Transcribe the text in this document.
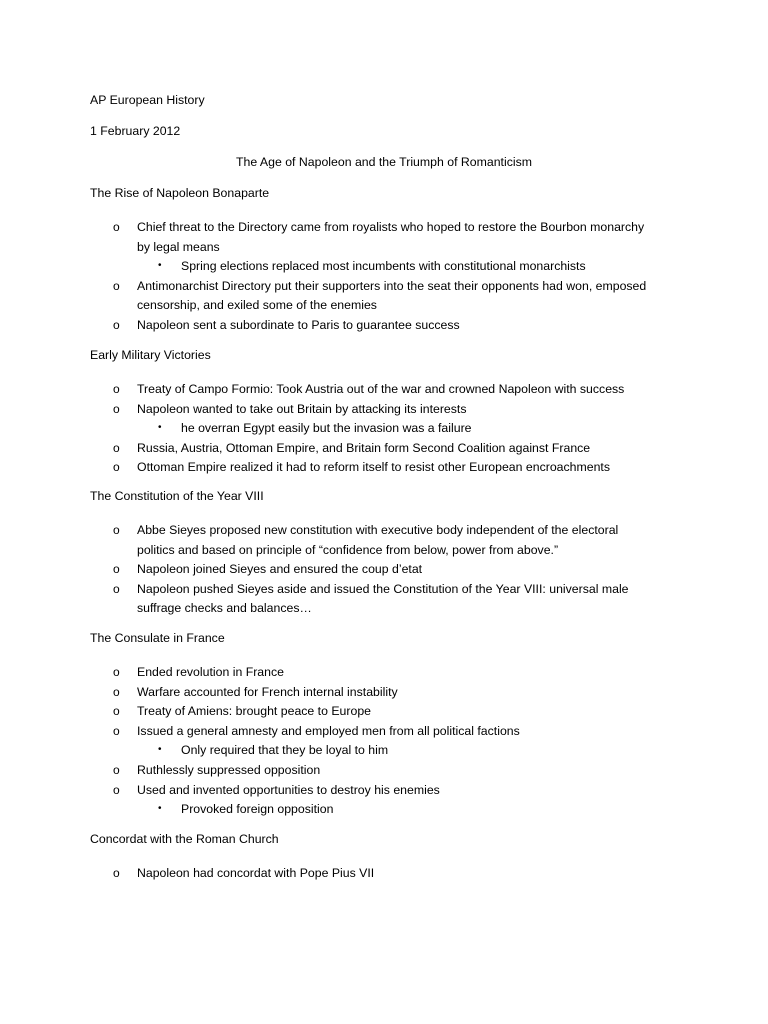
AP European History
1 February 2012
The Age of Napoleon and the Triumph of Romanticism
The Rise of Napoleon Bonaparte
o Chief threat to the Directory came from royalists who hoped to restore the Bourbon monarchy
by legal means
• Spring elections replaced most incumbents with constitutional monarchists
o Antimonarchist Directory put their supporters into the seat their opponents had won, emposed
censorship, and exiled some of the enemies
o Napoleon sent a subordinate to Paris to guarantee success
Early Military Victories
o Treaty of Campo Formio: Took Austria out of the war and crowned Napoleon with success
o Napoleon wanted to take out Britain by attacking its interests
• he overran Egypt easily but the invasion was a failure
o Russia, Austria, Ottoman Empire, and Britain form Second Coalition against France
o Ottoman Empire realized it had to reform itself to resist other European encroachments
The Constitution of the Year VIII
o Abbe Sieyes proposed new constitution with executive body independent of the electoral
politics and based on principle of “confidence from below, power from above.”
o Napoleon joined Sieyes and ensured the coup d’etat
o Napoleon pushed Sieyes aside and issued the Constitution of the Year VIII: universal male
suffrage checks and balances…
The Consulate in France
o Ended revolution in France
o Warfare accounted for French internal instability
o Treaty of Amiens: brought peace to Europe
o Issued a general amnesty and employed men from all political factions
• Only required that they be loyal to him
o Ruthlessly suppressed opposition
o Used and invented opportunities to destroy his enemies
• Provoked foreign opposition
Concordat with the Roman Church
o Napoleon had concordat with Pope Pius VII
